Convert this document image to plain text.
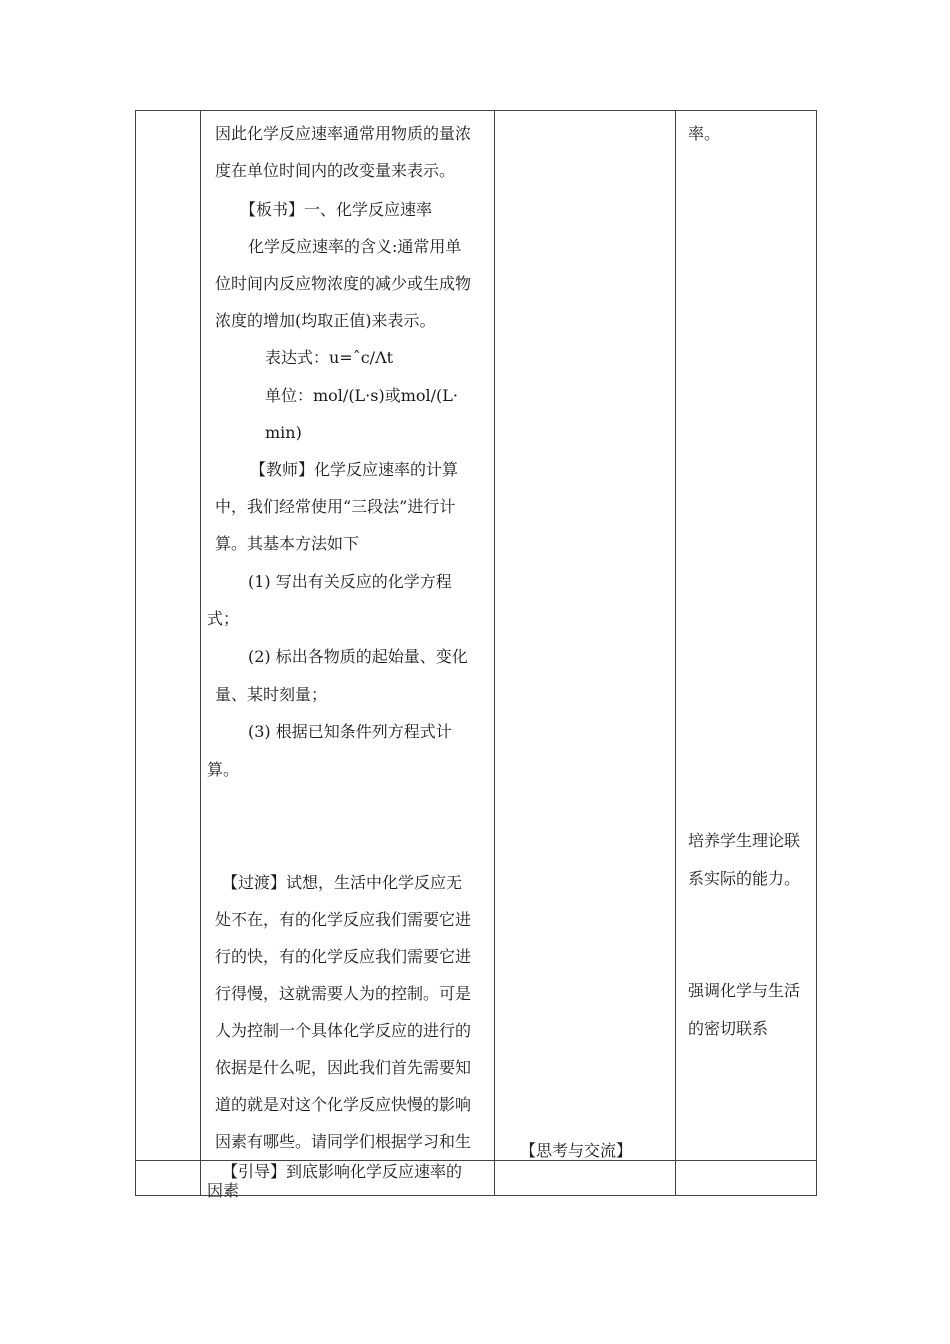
因此化学反应速率通常用物质的量浓
度在单位时间内的改变量来表示。
【板书】一、化学反应速率
化学反应速率的含义:通常用单
位时间内反应物浓度的减少或生成物
浓度的增加(均取正值)来表示。
表达式：u=ˆc/Λt
单位：mol/(L·s)或mol/(L·
min)
【教师】化学反应速率的计算
中，我们经常使用“三段法”进行计
算。其基本方法如下
(1) 写出有关反应的化学方程
式；
(2) 标出各物质的起始量、变化
量、某时刻量；
(3) 根据已知条件列方程式计
算。
【过渡】试想，生活中化学反应无
处不在，有的化学反应我们需要它进
行的快，有的化学反应我们需要它进
行得慢，这就需要人为的控制。可是
人为控制一个具体化学反应的进行的
依据是什么呢，因此我们首先需要知
道的就是对这个化学反应快慢的影响
因素有哪些。请同学们根据学习和生
【引导】到底影响化学反应速率的
因素
【思考与交流】
率。
培养学生理论联
系实际的能力。
强调化学与生活
的密切联系
